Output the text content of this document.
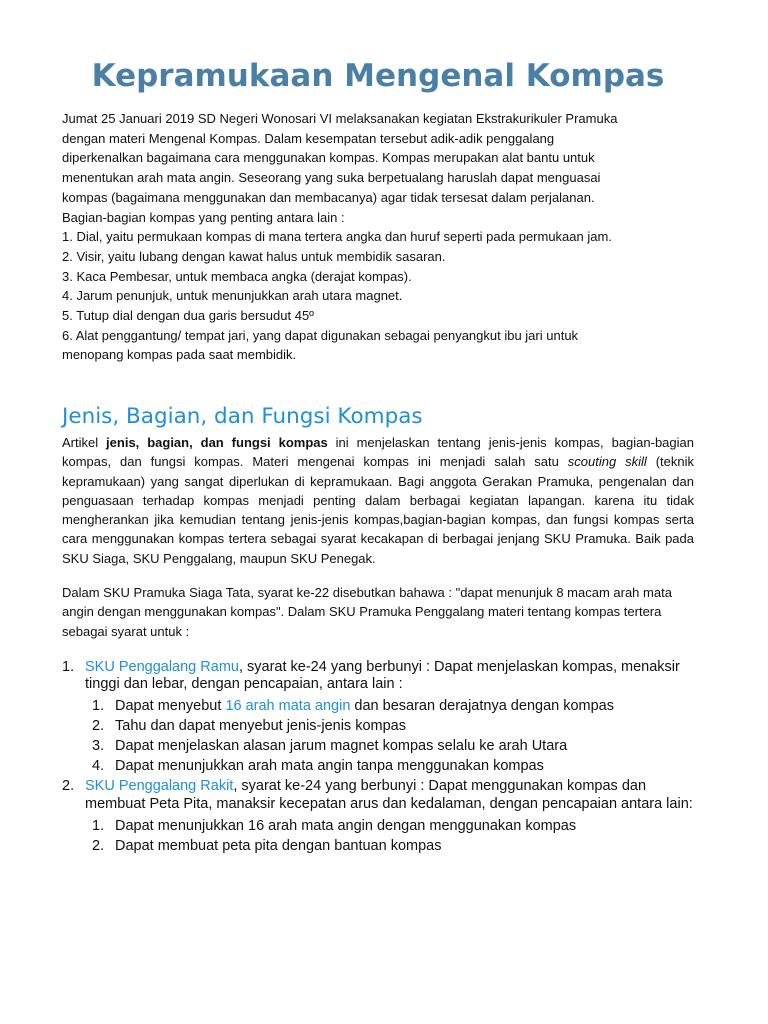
Kepramukaan Mengenal Kompas

Jumat 25 Januari 2019 SD Negeri Wonosari VI melaksanakan kegiatan Ekstrakurikuler Pramuka

dengan materi Mengenal Kompas. Dalam kesempatan tersebut adik-adik penggalang

diperkenalkan bagaimana cara menggunakan kompas. Kompas merupakan alat bantu untuk

menentukan arah mata angin. Seseorang yang suka berpetualang haruslah dapat menguasai

kompas (bagaimana menggunakan dan membacanya) agar tidak tersesat dalam perjalanan.

Bagian-bagian kompas yang penting antara lain :

1. Dial, yaitu permukaan kompas di mana tertera angka dan huruf seperti pada permukaan jam.

2. Visir, yaitu lubang dengan kawat halus untuk membidik sasaran.

3. Kaca Pembesar, untuk membaca angka (derajat kompas).

4. Jarum penunjuk, untuk menunjukkan arah utara magnet.

5. Tutup dial dengan dua garis bersudut 45º

6. Alat penggantung/ tempat jari, yang dapat digunakan sebagai penyangkut ibu jari untuk

menopang kompas pada saat membidik.

Jenis, Bagian, dan Fungsi Kompas

Artikel jenis, bagian, dan fungsi kompas ini menjelaskan tentang jenis-jenis kompas, bagian-bagian kompas, dan fungsi kompas. Materi mengenai kompas ini menjadi salah satu scouting skill (teknik kepramukaan) yang sangat diperlukan di kepramukaan. Bagi anggota Gerakan Pramuka, pengenalan dan penguasaan terhadap kompas menjadi penting dalam berbagai kegiatan lapangan. karena itu tidak mengherankan jika kemudian tentang jenis-jenis kompas,bagian-bagian kompas, dan fungsi kompas serta cara menggunakan kompas tertera sebagai syarat kecakapan di berbagai jenjang SKU Pramuka. Baik pada SKU Siaga, SKU Penggalang, maupun SKU Penegak.

Dalam SKU Pramuka Siaga Tata, syarat ke-22 disebutkan bahawa : "dapat menunjuk 8 macam arah mata angin dengan menggunakan kompas". Dalam SKU Pramuka Penggalang materi tentang kompas tertera sebagai syarat untuk :

1. SKU Penggalang Ramu, syarat ke-24 yang berbunyi : Dapat menjelaskan kompas, menaksir tinggi dan lebar, dengan pencapaian, antara lain :
1. Dapat menyebut 16 arah mata angin dan besaran derajatnya dengan kompas
2. Tahu dan dapat menyebut jenis-jenis kompas
3. Dapat menjelaskan alasan jarum magnet kompas selalu ke arah Utara
4. Dapat menunjukkan arah mata angin tanpa menggunakan kompas
2. SKU Penggalang Rakit, syarat ke-24 yang berbunyi : Dapat menggunakan kompas dan membuat Peta Pita, manaksir kecepatan arus dan kedalaman, dengan pencapaian antara lain:
1. Dapat menunjukkan 16 arah mata angin dengan menggunakan kompas
2. Dapat membuat peta pita dengan bantuan kompas
